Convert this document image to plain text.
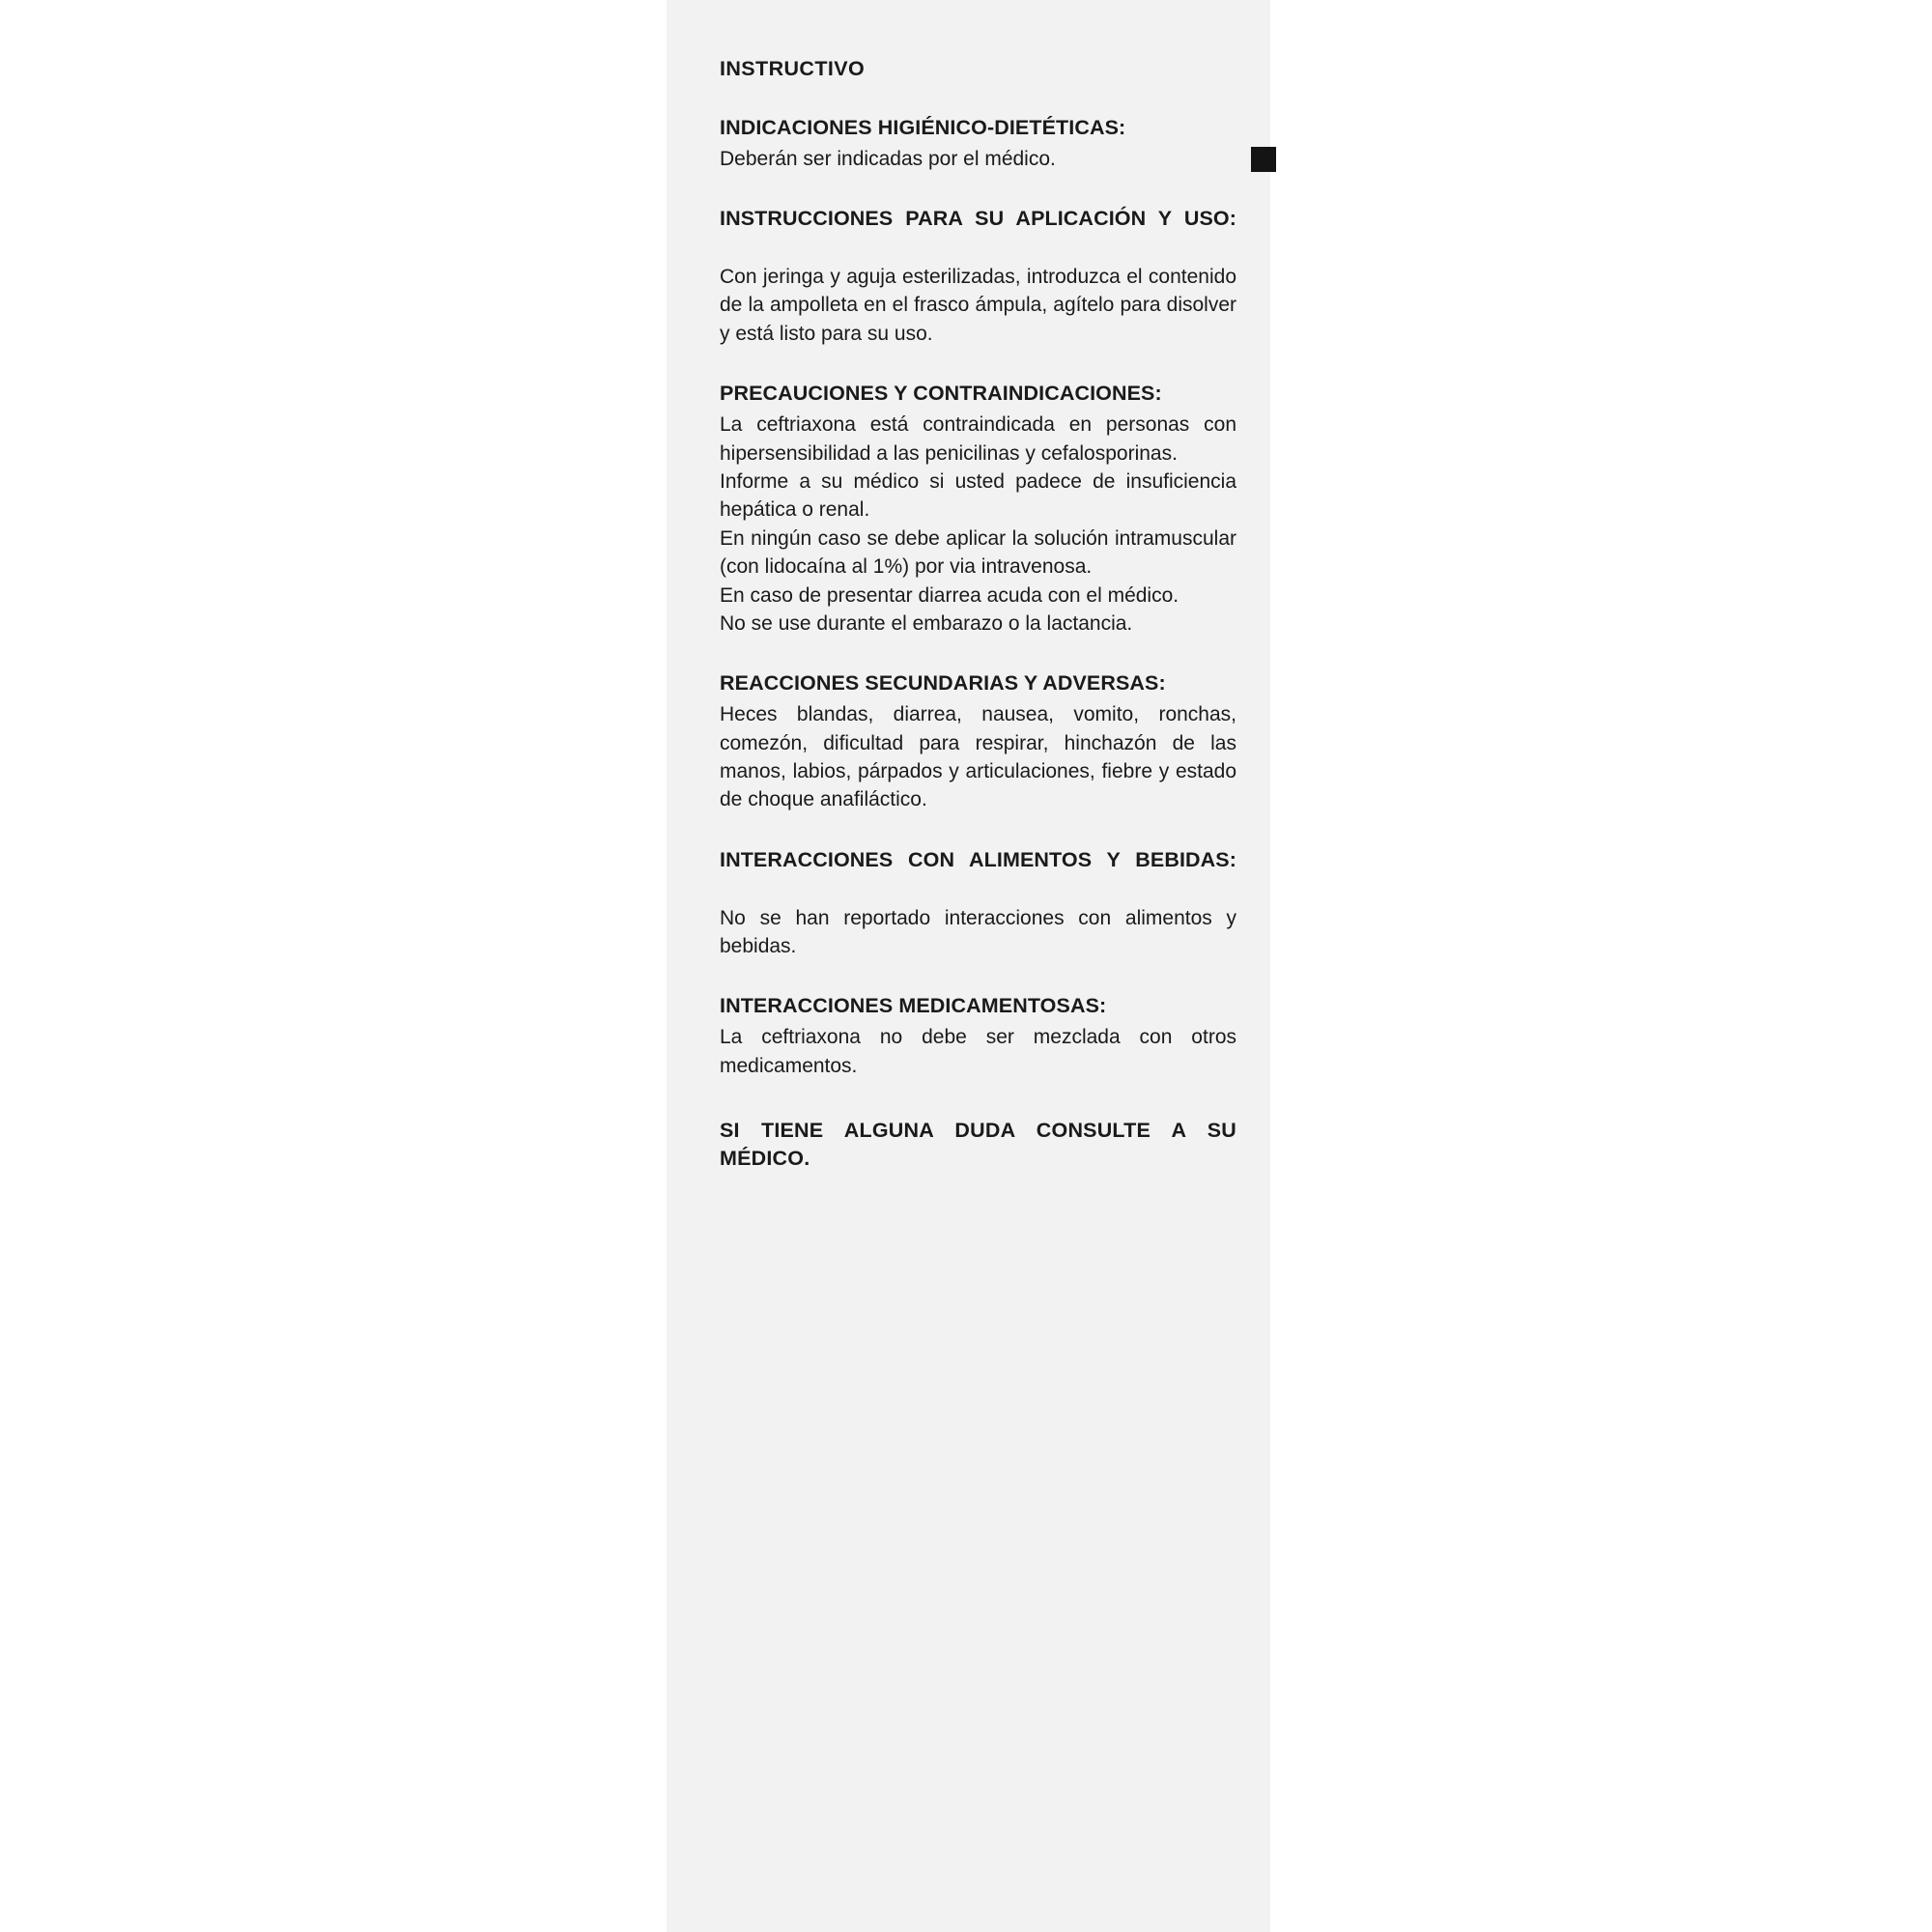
INSTRUCTIVO
INDICACIONES HIGIÉNICO-DIETÉTICAS:
Deberán ser indicadas por el médico.
INSTRUCCIONES PARA SU APLICACIÓN Y USO:
Con jeringa y aguja esterilizadas, introduzca el contenido de la ampolleta en el frasco ámpula, agítelo para disolver y está listo para su uso.
PRECAUCIONES Y CONTRAINDICACIONES:
La ceftriaxona está contraindicada en personas con hipersensibilidad a las penicilinas y cefalosporinas.
Informe a su médico si usted padece de insuficiencia hepática o renal.
En ningún caso se debe aplicar la solución intramuscular (con lidocaína al 1%) por via intravenosa.
En caso de presentar diarrea acuda con el médico.
No se use durante el embarazo o la lactancia.
REACCIONES SECUNDARIAS Y ADVERSAS:
Heces blandas, diarrea, nausea, vomito, ronchas, comezón, dificultad para respirar, hinchazón de las manos, labios, párpados y articulaciones, fiebre y estado de choque anafiláctico.
INTERACCIONES CON ALIMENTOS Y BEBIDAS:
No se han reportado interacciones con alimentos y bebidas.
INTERACCIONES MEDICAMENTOSAS:
La ceftriaxona no debe ser mezclada con otros medicamentos.
SI TIENE ALGUNA DUDA CONSULTE A SU MÉDICO.
